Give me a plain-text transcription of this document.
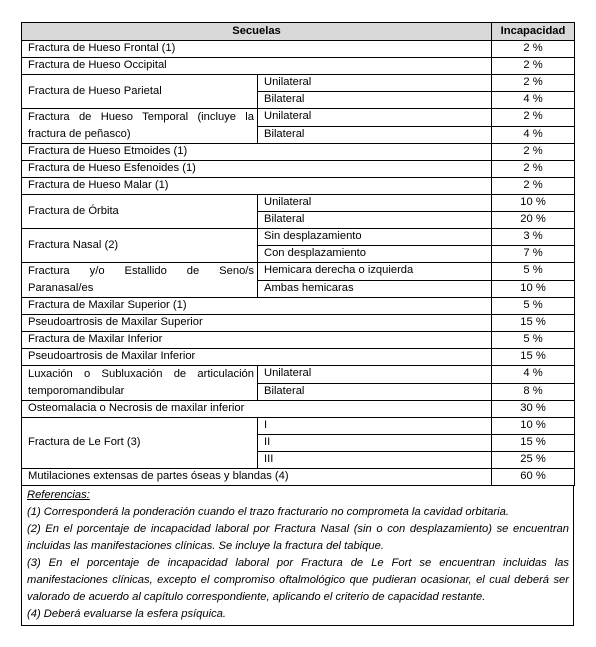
Secuelas		Incapacidad
Fractura de Hueso Frontal (1)		2 %
Fractura de Hueso Occipital		2 %
Fractura de Hueso Parietal	Unilateral	2 %
	Bilateral	4 %
Fractura de Hueso Temporal (incluye la fractura de peñasco)	Unilateral	2 %
	Bilateral	4 %
Fractura de Hueso Etmoides (1)		2 %
Fractura de Hueso Esfenoides (1)		2 %
Fractura de Hueso Malar (1)		2 %
Fractura de Órbita	Unilateral	10 %
	Bilateral	20 %
Fractura Nasal (2)	Sin desplazamiento	3 %
	Con desplazamiento	7 %
Fractura y/o Estallido de Seno/s Paranasal/es	Hemicara derecha o izquierda	5 %
	Ambas hemicaras	10 %
Fractura de Maxilar Superior (1)		5 %
Pseudoartrosis de Maxilar Superior		15 %
Fractura de Maxilar Inferior		5 %
Pseudoartrosis de Maxilar Inferior		15 %
Luxación o Subluxación de articulación temporomandibular	Unilateral	4 %
	Bilateral	8 %
Osteomalacia o Necrosis de maxilar inferior		30 %
Fractura de Le Fort (3)	I	10 %
	II	15 %
	III	25 %
Mutilaciones extensas de partes óseas y blandas (4)		60 %

Referencias:

(1) Corresponderá la ponderación cuando el trazo fracturario no comprometa la cavidad orbitaria.

(2) En el porcentaje de incapacidad laboral por Fractura Nasal (sin o con desplazamiento) se encuentran incluidas las manifestaciones clínicas. Se incluye la fractura del tabique.

(3) En el porcentaje de incapacidad laboral por Fractura de Le Fort se encuentran incluidas las manifestaciones clínicas, excepto el compromiso oftalmológico que pudieran ocasionar, el cual deberá ser valorado de acuerdo al capítulo correspondiente, aplicando el criterio de capacidad restante.

(4) Deberá evaluarse la esfera psíquica.
